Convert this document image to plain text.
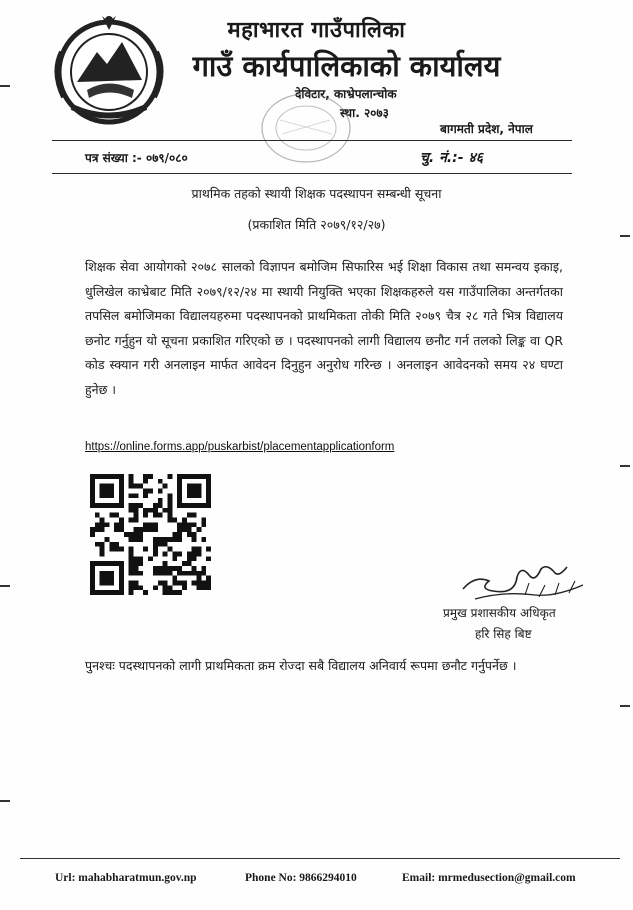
महाभारत गाउँपालिका
गाउँ कार्यपालिकाको कार्यालय
देविटार, काभ्रेपलान्चोक
स्था. २०७३
बागमती प्रदेश, नेपाल
पत्र संख्या :- ०७९/०८०	चु. नं.:- ४६
प्राथमिक तहको स्थायी शिक्षक पदस्थापन सम्बन्धी सूचना
(प्रकाशित मिति २०७९/१२/२७)
शिक्षक सेवा आयोगको २०७८ सालको विज्ञापन बमोजिम सिफारिस भई शिक्षा विकास तथा समन्वय इकाइ, धुलिखेल काभ्रेबाट मिति २०७९/१२/२४ मा स्थायी नियुक्ति भएका शिक्षकहरुले यस गाउँपालिका अन्तर्गतका तपसिल बमोजिमका विद्यालयहरुमा पदस्थापनको प्राथमिकता तोकी मिति २०७९ चैत्र २८ गते भित्र विद्यालय छनोट गर्नुहुन यो सूचना प्रकाशित गरिएको छ । पदस्थापनको लागी विद्यालय छनौट गर्न तलको लिङ्क वा QR कोड स्क्यान गरी अनलाइन मार्फत आवेदन दिनुहुन अनुरोध गरिन्छ । अनलाइन आवेदनको समय २४ घण्टा हुनेछ ।
https://online.forms.app/puskarbist/placementapplicationform
प्रमुख प्रशासकीय अधिकृत
हरि सिह बिष्ट
पुनश्चः पदस्थापनको लागी प्राथमिकता क्रम रोज्दा सबै विद्यालय अनिवार्य रूपमा छनौट गर्नुपर्नेछ ।
Url: mahabharatmun.gov.np	Phone No: 9866294010	Email: mrmedusection@gmail.com
